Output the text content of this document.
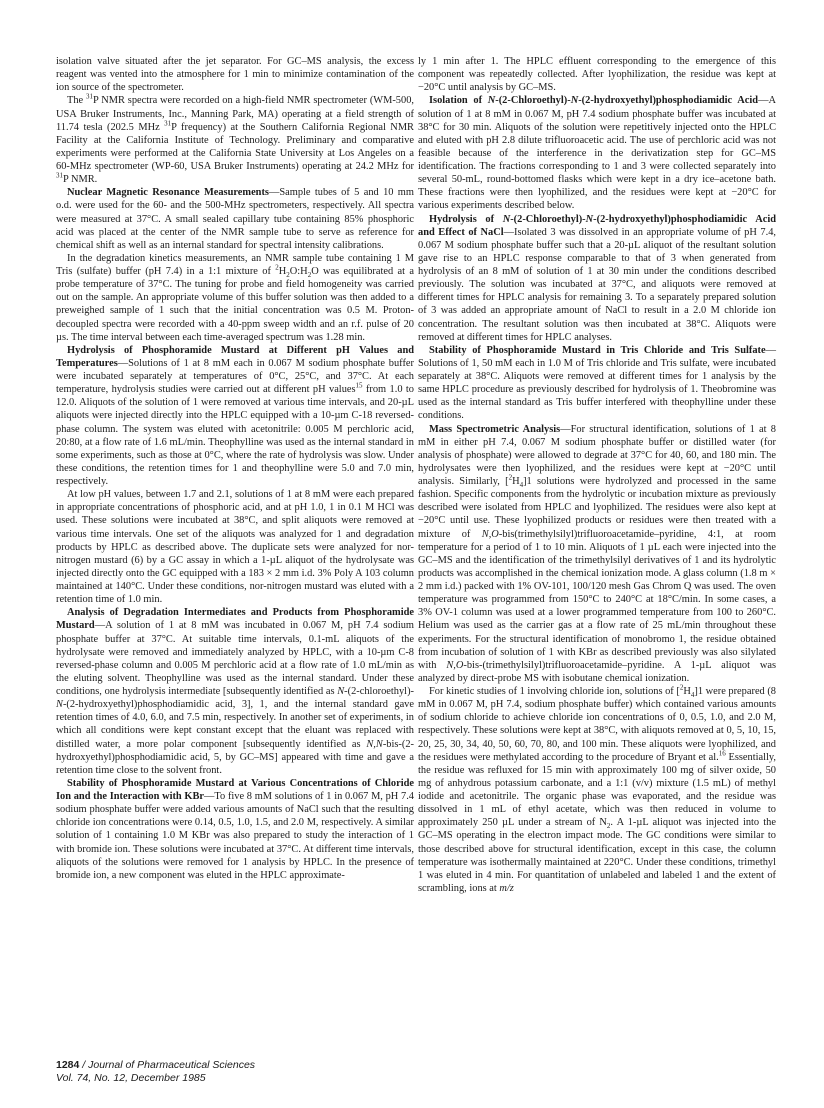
isolation valve situated after the jet separator. For GC–MS analysis, the excess reagent was vented into the atmosphere for 1 min to minimize contamination of the ion source of the spectrometer.

The $^{31}$P NMR spectra were recorded on a high-field NMR spectrometer (WM-500, USA Bruker Instruments, Inc., Manning Park, MA) operating at a field strength of 11.74 tesla (202.5 MHz $^{31}$P frequency) at the Southern California Regional NMR Facility at the California Institute of Technology. Preliminary and comparative experiments were performed at the California State University at Los Angeles on a 60-MHz spectrometer (WP-60, USA Bruker Instruments) operating at 24.2 MHz for $^{31}$P NMR.

Nuclear Magnetic Resonance Measurements—Sample tubes of 5 and 10 mm o.d. were used for the 60- and the 500-MHz spectrometers, respectively. All spectra were measured at 37°C. A small sealed capillary tube containing 85% phosphoric acid was placed at the center of the NMR sample tube to serve as reference for chemical shift as well as an internal standard for spectral intensity calibrations.

In the degradation kinetics measurements, an NMR sample tube containing 1 M Tris (sulfate) buffer (pH 7.4) in a 1:1 mixture of $^2H_2O:H_2O$ was equilibrated at a probe temperature of 37°C. The tuning for probe and field homogeneity was carried out on the sample. An appropriate volume of this buffer solution was then added to a preweighed sample of 1 such that the initial concentration was 0.5 M. Proton-decoupled spectra were recorded with a 40-ppm sweep width and an r.f. pulse of 20 µs. The time interval between each time-averaged spectrum was 1.28 min.

Hydrolysis of Phosphoramide Mustard at Different pH Values and Temperatures—Solutions of 1 at 8 mM each in 0.067 M sodium phosphate buffer were incubated separately at temperatures of 0°C, 25°C, and 37°C. At each temperature, hydrolysis studies were carried out at different pH values$^{15}$ from 1.0 to 12.0. Aliquots of the solution of 1 were removed at various time intervals, and 20-µL aliquots were injected directly into the HPLC equipped with a 10-µm C-18 reversed-phase column. The system was eluted with acetonitrile: 0.005 M perchloric acid, 20:80, at a flow rate of 1.6 mL/min. Theophylline was used as the internal standard in some experiments, such as those at 0°C, where the rate of hydrolysis was slow. Under these conditions, the retention times for 1 and theophylline were 5.0 and 7.0 min, respectively.

At low pH values, between 1.7 and 2.1, solutions of 1 at 8 mM were each prepared in appropriate concentrations of phosphoric acid, and at pH 1.0, 1 in 0.1 M HCl was used. These solutions were incubated at 38°C, and split aliquots were removed at various time intervals. One set of the aliquots was analyzed for 1 and degradation products by HPLC as described above. The duplicate sets were analyzed for nor-nitrogen mustard (6) by a GC assay in which a 1-µL aliquot of the hydrolysate was injected directly onto the GC equipped with a 183 × 2 mm i.d. 3% Poly A 103 column maintained at 140°C. Under these conditions, nor-nitrogen mustard was eluted with a retention time of 1.0 min.

Analysis of Degradation Intermediates and Products from Phosphoramide Mustard—A solution of 1 at 8 mM was incubated in 0.067 M, pH 7.4 sodium phosphate buffer at 37°C. At suitable time intervals, 0.1-mL aliquots of the hydrolysate were removed and immediately analyzed by HPLC, with a 10-µm C-8 reversed-phase column and 0.005 M perchloric acid at a flow rate of 1.0 mL/min as the eluting solvent. Theophylline was used as the internal standard. Under these conditions, one hydrolysis intermediate [subsequently identified as N-(2-chloroethyl)-N-(2-hydroxyethyl)phosphodiamidic acid, 3], 1, and the internal standard gave retention times of 4.0, 6.0, and 7.5 min, respectively. In another set of experiments, in which all conditions were kept constant except that the eluant was replaced with distilled water, a more polar component [subsequently identified as N,N-bis-(2-hydroxyethyl)phosphodiamidic acid, 5, by GC–MS] appeared with time and gave a retention time close to the solvent front.

Stability of Phosphoramide Mustard at Various Concentrations of Chloride Ion and the Interaction with KBr—To five 8 mM solutions of 1 in 0.067 M, pH 7.4 sodium phosphate buffer were added various amounts of NaCl such that the resulting chloride ion concentrations were 0.14, 0.5, 1.0, 1.5, and 2.0 M, respectively. A similar solution of 1 containing 1.0 M KBr was also prepared to study the interaction of 1 with bromide ion. These solutions were incubated at 37°C. At different time intervals, aliquots of the solutions were removed for 1 analysis by HPLC. In the presence of bromide ion, a new component was eluted in the HPLC approximate-

ly 1 min after 1. The HPLC effluent corresponding to the emergence of this component was repeatedly collected. After lyophilization, the residue was kept at −20°C until analysis by GC–MS.

Isolation of N-(2-Chloroethyl)-N-(2-hydroxyethyl)phosphodiamidic Acid—A solution of 1 at 8 mM in 0.067 M, pH 7.4 sodium phosphate buffer was incubated at 38°C for 30 min. Aliquots of the solution were repetitively injected onto the HPLC and eluted with pH 2.8 dilute trifluoroacetic acid. The use of perchloric acid was not feasible because of the interference in the derivatization step for GC–MS identification. The fractions corresponding to 1 and 3 were collected separately into several 50-mL, round-bottomed flasks which were kept in a dry ice–acetone bath. These fractions were then lyophilized, and the residues were kept at −20°C for various experiments described below.

Hydrolysis of N-(2-Chloroethyl)-N-(2-hydroxyethyl)phosphodiamidic Acid and Effect of NaCl—Isolated 3 was dissolved in an appropriate volume of pH 7.4, 0.067 M sodium phosphate buffer such that a 20-µL aliquot of the resultant solution gave rise to an HPLC response comparable to that of 3 when generated from hydrolysis of an 8 mM of solution of 1 at 30 min under the conditions described previously. The solution was incubated at 37°C, and aliquots were removed at different times for HPLC analysis for remaining 3. To a separately prepared solution of 3 was added an appropriate amount of NaCl to result in a 2.0 M chloride ion concentration. The resultant solution was then incubated at 38°C. Aliquots were removed at different times for HPLC analyses.

Stability of Phosphoramide Mustard in Tris Chloride and Tris Sulfate—Solutions of 1, 50 mM each in 1.0 M of Tris chloride and Tris sulfate, were incubated separately at 38°C. Aliquots were removed at different times for 1 analysis by the same HPLC procedure as previously described for hydrolysis of 1. Theobromine was used as the internal standard as Tris buffer interfered with theophylline under these conditions.

Mass Spectrometric Analysis—For structural identification, solutions of 1 at 8 mM in either pH 7.4, 0.067 M sodium phosphate buffer or distilled water (for analysis of phosphate) were allowed to degrade at 37°C for 40, 60, and 180 min. The hydrolysates were then lyophilized, and the residues were kept at −20°C until analysis. Similarly, $[^2H_4]1$ solutions were hydrolyzed and processed in the same fashion. Specific components from the hydrolytic or incubation mixture as previously described were isolated from HPLC and lyophilized. The residues were also kept at −20°C until use. These lyophilized products or residues were then treated with a mixture of N,O-bis(trimethylsilyl)trifluoroacetamide–pyridine, 4:1, at room temperature for a period of 1 to 10 min. Aliquots of 1 µL each were injected into the GC–MS and the identification of the trimethylsilyl derivatives of 1 and its hydrolytic products was accomplished in the chemical ionization mode. A glass column (1.8 m × 2 mm i.d.) packed with 1% OV-101, 100/120 mesh Gas Chrom Q was used. The oven temperature was programmed from 150°C to 240°C at 18°C/min. In some cases, a 3% OV-1 column was used at a lower programmed temperature from 100 to 260°C. Helium was used as the carrier gas at a flow rate of 25 mL/min throughout these experiments. For the structural identification of monobromo 1, the residue obtained from incubation of solution of 1 with KBr as described previously was also silylated with N,O-bis-(trimethylsilyl)trifluoroacetamide–pyridine. A 1-µL aliquot was analyzed by direct-probe MS with isobutane chemical ionization.

For kinetic studies of 1 involving chloride ion, solutions of $[^2H_4]1$ were prepared (8 mM in 0.067 M, pH 7.4, sodium phosphate buffer) which contained various amounts of sodium chloride to achieve chloride ion concentrations of 0, 0.5, 1.0, and 2.0 M, respectively. These solutions were kept at 38°C, with aliquots removed at 0, 5, 10, 15, 20, 25, 30, 34, 40, 50, 60, 70, 80, and 100 min. These aliquots were lyophilized, and the residues were methylated according to the procedure of Bryant et al.$^{16}$ Essentially, the residue was refluxed for 15 min with approximately 100 mg of silver oxide, 50 mg of anhydrous potassium carbonate, and a 1:1 (v/v) mixture (1.5 mL) of methyl iodide and acetonitrile. The organic phase was evaporated, and the residue was dissolved in 1 mL of ethyl acetate, which was then reduced in volume to approximately 250 µL under a stream of $N_2$. A 1-µL aliquot was injected into the GC–MS operating in the electron impact mode. The GC conditions were similar to those described above for structural identification, except in this case, the column temperature was isothermally maintained at 220°C. Under these conditions, trimethyl 1 was eluted in 4 min. For quantitation of unlabeled and labeled 1 and the extent of scrambling, ions at m/z

1284 / Journal of Pharmaceutical Sciences
Vol. 74, No. 12, December 1985
